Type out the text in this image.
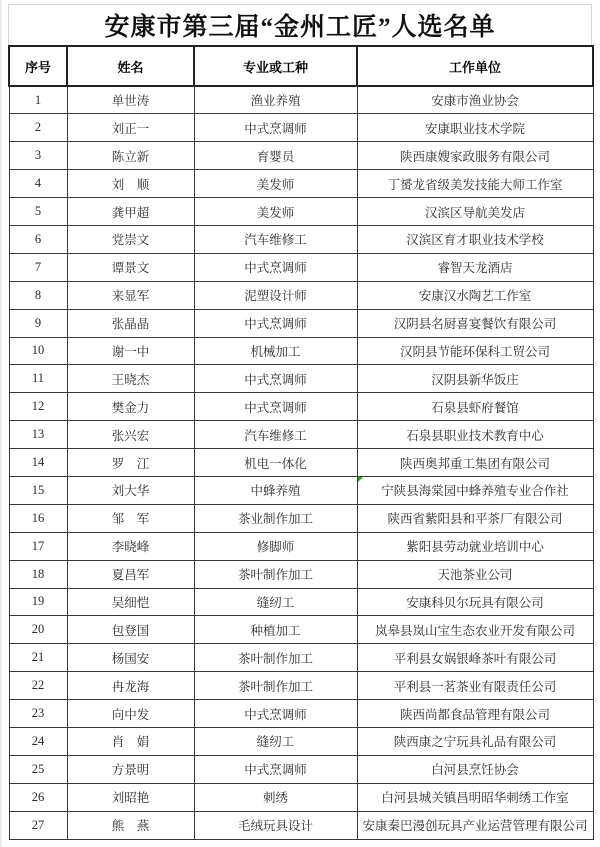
安康市第三届“金州工匠”人选名单
序号	姓名	专业或工种	工作单位
1	单世涛	渔业养殖	安康市渔业协会
2	刘正一	中式烹调师	安康职业技术学院
3	陈立新	育婴员	陕西康嫂家政服务有限公司
4	刘　顺	美发师	丁赟龙省级美发技能大师工作室
5	龚甲超	美发师	汉滨区导航美发店
6	党崇文	汽车维修工	汉滨区育才职业技术学校
7	谭景文	中式烹调师	睿智天龙酒店
8	来显军	泥塑设计师	安康汉水陶艺工作室
9	张晶晶	中式烹调师	汉阴县名厨喜宴餐饮有限公司
10	谢一中	机械加工	汉阴县节能环保科工贸公司
11	王晓杰	中式烹调师	汉阴县新华饭庄
12	樊金力	中式烹调师	石泉县虾府餐馆
13	张兴宏	汽车维修工	石泉县职业技术教育中心
14	罗　江	机电一体化	陕西奥邦重工集团有限公司
15	刘大华	中蜂养殖	宁陕县海棠园中蜂养殖专业合作社

16	邹　军	茶业制作加工	陕西省紫阳县和平茶厂有限公司
17	李晓峰	修脚师	紫阳县劳动就业培训中心
18	夏昌军	茶叶制作加工	天池茶业公司
19	吴细恺	缝纫工	安康科贝尔玩具有限公司
20	包登国	种植加工	岚皋县岚山宝生态农业开发有限公司
21	杨国安	茶叶制作加工	平利县女娲银峰茶叶有限公司
22	冉龙海	茶叶制作加工	平利县一茗茶业有限责任公司
23	向中发	中式烹调师	陕西尚都食品管理有限公司
24	肖　娟	缝纫工	陕西康之宁玩具礼品有限公司
25	方景明	中式烹调师	白河县烹饪协会
26	刘昭艳	刺绣	白河县城关镇昌明昭华刺绣工作室
27	熊　燕	毛绒玩具设计	安康秦巴漫创玩具产业运营管理有限公司
